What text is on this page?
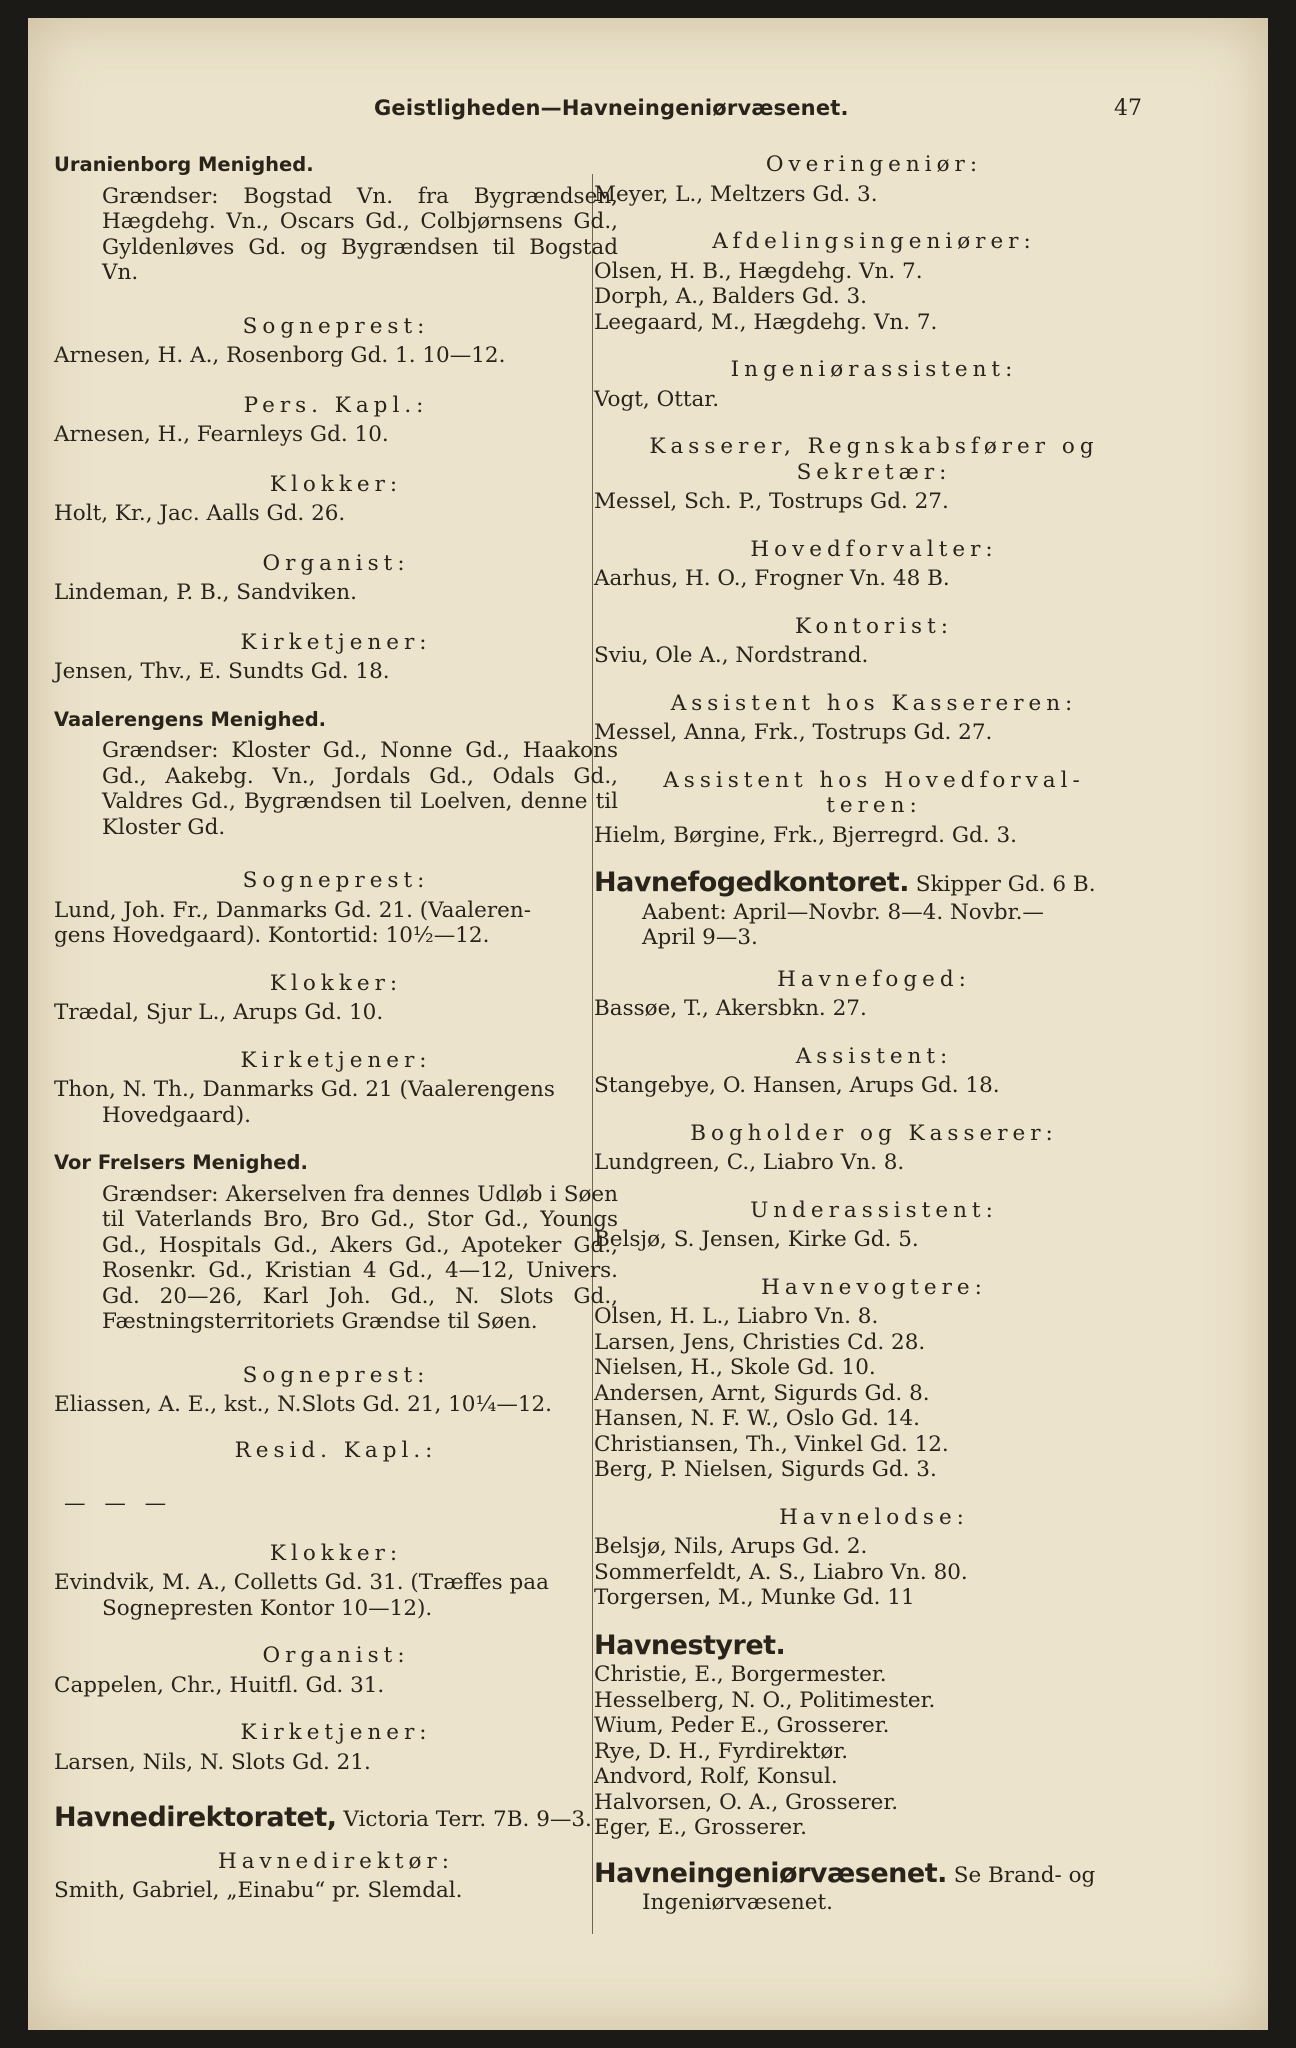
Geistligheden—Havneingeniørvæsenet.	47
Uranienborg Menighed.
Grændser: Bogstad Vn. fra Bygrændsen, Hægdehg. Vn., Oscars Gd., Colbjørnsens Gd., Gyldenløves Gd. og Bygrændsen til Bogstad Vn.
Sogneprest:
Arnesen, H. A., Rosenborg Gd. 1. 10—12.
Pers. Kapl.:
Arnesen, H., Fearnleys Gd. 10.
Klokker:
Holt, Kr., Jac. Aalls Gd. 26.
Organist:
Lindeman, P. B., Sandviken.
Kirketjener:
Jensen, Thv., E. Sundts Gd. 18.
Vaalerengens Menighed.
Grændser: Kloster Gd., Nonne Gd., Haakons Gd., Aakebg. Vn., Jordals Gd., Odals Gd., Valdres Gd., Bygrændsen til Loelven, denne til Kloster Gd.
Sogneprest:
Lund, Joh. Fr., Danmarks Gd. 21. (Vaaleren-
gens Hovedgaard). Kontortid: 10½—12.
Klokker:
Trædal, Sjur L., Arups Gd. 10.
Kirketjener:
Thon, N. Th., Danmarks Gd. 21 (Vaalerengens
Hovedgaard).
Vor Frelsers Menighed.
Grændser: Akerselven fra dennes Udløb i Søen til Vaterlands Bro, Bro Gd., Stor Gd., Youngs Gd., Hospitals Gd., Akers Gd., Apoteker Gd., Rosenkr. Gd., Kristian 4 Gd., 4—12, Univers. Gd. 20—26, Karl Joh. Gd., N. Slots Gd., Fæstningsterritoriets Grændse til Søen.
Sogneprest:
Eliassen, A. E., kst., N.Slots Gd. 21, 10¼—12.
Resid. Kapl.:
— — —
Klokker:
Evindvik, M. A., Colletts Gd. 31. (Træffes paa
Sognepresten Kontor 10—12).
Organist:
Cappelen, Chr., Huitfl. Gd. 31.
Kirketjener:
Larsen, Nils, N. Slots Gd. 21.
Havnedirektoratet, Victoria Terr. 7B. 9—3.
Havnedirektør:
Smith, Gabriel, „Einabu“ pr. Slemdal.
Overingeniør:
Meyer, L., Meltzers Gd. 3.
Afdelingsingeniører:
Olsen, H. B., Hægdehg. Vn. 7.
Dorph, A., Balders Gd. 3.
Leegaard, M., Hægdehg. Vn. 7.
Ingeniørassistent:
Vogt, Ottar.
Kasserer, Regnskabsfører og
Sekretær:
Messel, Sch. P., Tostrups Gd. 27.
Hovedforvalter:
Aarhus, H. O., Frogner Vn. 48 B.
Kontorist:
Sviu, Ole A., Nordstrand.
Assistent hos Kassereren:
Messel, Anna, Frk., Tostrups Gd. 27.
Assistent hos Hovedforval-
teren:
Hielm, Børgine, Frk., Bjerregrd. Gd. 3.
Havnefogedkontoret. Skipper Gd. 6 B.
Aabent: April—Novbr. 8—4. Novbr.—
April 9—3.
Havnefoged:
Bassøe, T., Akersbkn. 27.
Assistent:
Stangebye, O. Hansen, Arups Gd. 18.
Bogholder og Kasserer:
Lundgreen, C., Liabro Vn. 8.
Underassistent:
Belsjø, S. Jensen, Kirke Gd. 5.
Havnevogtere:
Olsen, H. L., Liabro Vn. 8.
Larsen, Jens, Christies Cd. 28.
Nielsen, H., Skole Gd. 10.
Andersen, Arnt, Sigurds Gd. 8.
Hansen, N. F. W., Oslo Gd. 14.
Christiansen, Th., Vinkel Gd. 12.
Berg, P. Nielsen, Sigurds Gd. 3.
Havnelodse:
Belsjø, Nils, Arups Gd. 2.
Sommerfeldt, A. S., Liabro Vn. 80.
Torgersen, M., Munke Gd. 11
Havnestyret.
Christie, E., Borgermester.
Hesselberg, N. O., Politimester.
Wium, Peder E., Grosserer.
Rye, D. H., Fyrdirektør.
Andvord, Rolf, Konsul.
Halvorsen, O. A., Grosserer.
Eger, E., Grosserer.
Havneingeniørvæsenet. Se Brand- og
Ingeniørvæsenet.
